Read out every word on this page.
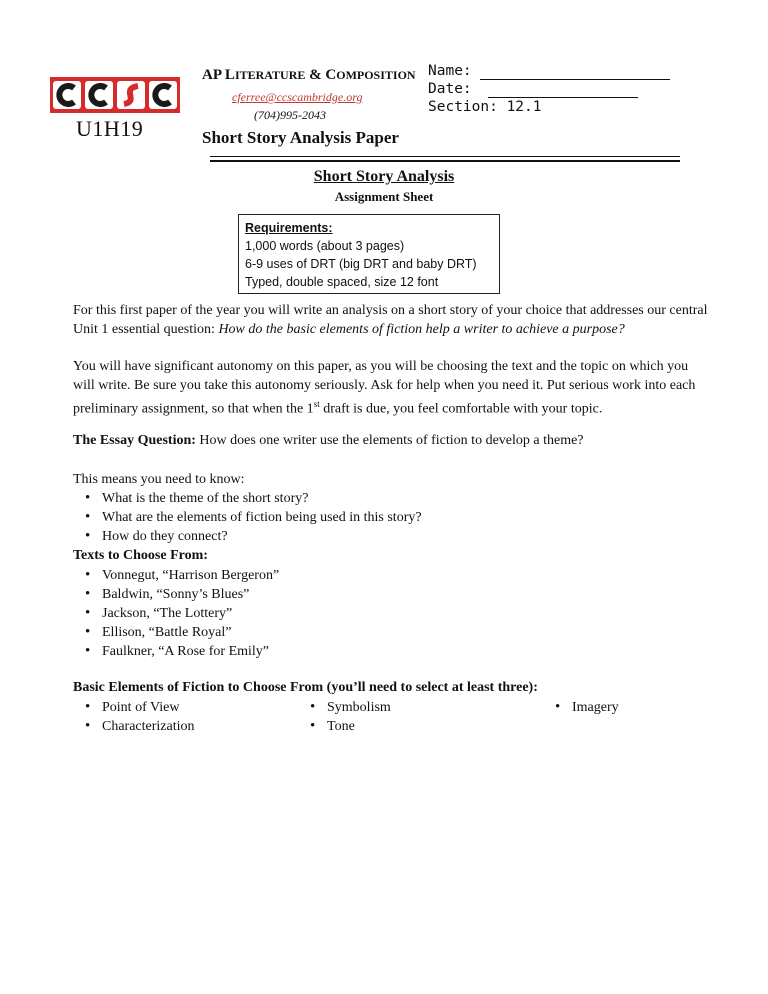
U1H19
AP LITERATURE & COMPOSITION
cferree@ccscambridge.org
(704)995-2043
Short Story Analysis Paper
Name:
Date:
Section: 12.1
Short Story Analysis
Assignment Sheet
Requirements:
1,000 words (about 3 pages)
6-9 uses of DRT (big DRT and baby DRT)
Typed, double spaced, size 12 font
For this first paper of the year you will write an analysis on a short story of your choice that addresses our central Unit 1 essential question: How do the basic elements of fiction help a writer to achieve a purpose?
You will have significant autonomy on this paper, as you will be choosing the text and the topic on which you will write. Be sure you take this autonomy seriously. Ask for help when you need it. Put serious work into each preliminary assignment, so that when the 1st draft is due, you feel comfortable with your topic.
The Essay Question: How does one writer use the elements of fiction to develop a theme?
This means you need to know:
• What is the theme of the short story?
• What are the elements of fiction being used in this story?
• How do they connect?
Texts to Choose From:
• Vonnegut, “Harrison Bergeron”
• Baldwin, “Sonny’s Blues”
• Jackson, “The Lottery”
• Ellison, “Battle Royal”
• Faulkner, “A Rose for Emily”
Basic Elements of Fiction to Choose From (you’ll need to select at least three):
• Point of View
• Characterization
• Symbolism
• Tone
• Imagery
